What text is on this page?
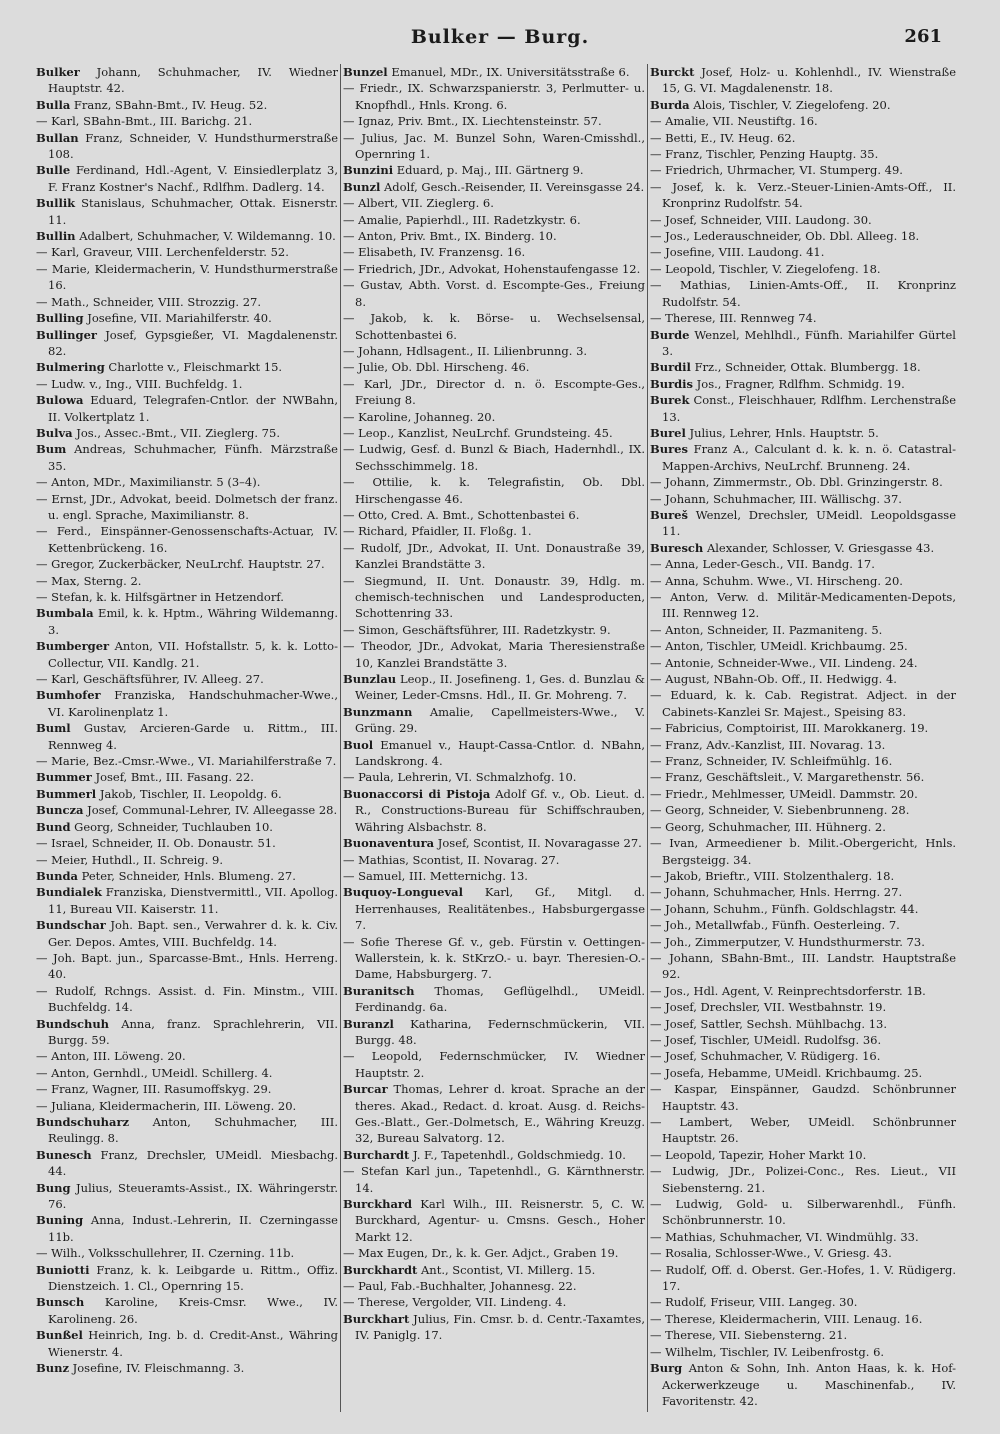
Bulker — Burg.	261

Bulker Johann, Schuhmacher, IV. Wiedner Hauptstr. 42.

Bulla Franz, SBahn-Bmt., IV. Heug. 52.

— Karl, SBahn-Bmt., III. Barichg. 21.

Bullan Franz, Schneider, V. Hundsthurmerstraße 108.

Bulle Ferdinand, Hdl.-Agent, V. Einsiedlerplatz 3, F. Franz Kostner's Nachf., Rdlfhm. Dadlerg. 14.

Bullik Stanislaus, Schuhmacher, Ottak. Eisnerstr. 11.

Bullin Adalbert, Schuhmacher, V. Wildemanng. 10.

— Karl, Graveur, VIII. Lerchenfelderstr. 52.

— Marie, Kleidermacherin, V. Hundsthurmerstraße 16.

— Math., Schneider, VIII. Strozzig. 27.

Bulling Josefine, VII. Mariahilferstr. 40.

Bullinger Josef, Gypsgießer, VI. Magdalenenstr. 82.

Bulmering Charlotte v., Fleischmarkt 15.

— Ludw. v., Ing., VIII. Buchfeldg. 1.

Bulowa Eduard, Telegrafen-Cntlor. der NWBahn, II. Volkertplatz 1.

Bulva Jos., Assec.-Bmt., VII. Zieglerg. 75.

Bum Andreas, Schuhmacher, Fünfh. Märzstraße 35.

— Anton, MDr., Maximilianstr. 5 (3–4).

— Ernst, JDr., Advokat, beeid. Dolmetsch der franz. u. engl. Sprache, Maximilianstr. 8.

— Ferd., Einspänner-Genossenschafts-Actuar, IV. Kettenbrückeng. 16.

— Gregor, Zuckerbäcker, NeuLrchf. Hauptstr. 27.

— Max, Sterng. 2.

— Stefan, k. k. Hilfsgärtner in Hetzendorf.

Bumbala Emil, k. k. Hptm., Währing Wildemanng. 3.

Bumberger Anton, VII. Hofstallstr. 5, k. k. Lotto-Collectur, VII. Kandlg. 21.

— Karl, Geschäftsführer, IV. Alleeg. 27.

Bumhofer Franziska, Handschuhmacher-Wwe., VI. Karolinenplatz 1.

Buml Gustav, Arcieren-Garde u. Rittm., III. Rennweg 4.

— Marie, Bez.-Cmsr.-Wwe., VI. Mariahilferstraße 7.

Bummer Josef, Bmt., III. Fasang. 22.

Bummerl Jakob, Tischler, II. Leopoldg. 6.

Buncza Josef, Communal-Lehrer, IV. Alleegasse 28.

Bund Georg, Schneider, Tuchlauben 10.

— Israel, Schneider, II. Ob. Donaustr. 51.

— Meier, Huthdl., II. Schreig. 9.

Bunda Peter, Schneider, Hnls. Blumeng. 27.

Bundialek Franziska, Dienstvermittl., VII. Apollog. 11, Bureau VII. Kaiserstr. 11.

Bundschar Joh. Bapt. sen., Verwahrer d. k. k. Civ. Ger. Depos. Amtes, VIII. Buchfeldg. 14.

— Joh. Bapt. jun., Sparcasse-Bmt., Hnls. Herreng. 40.

— Rudolf, Rchngs. Assist. d. Fin. Minstm., VIII. Buchfeldg. 14.

Bundschuh Anna, franz. Sprachlehrerin, VII. Burgg. 59.

— Anton, III. Löweng. 20.

— Anton, Gernhdl., UMeidl. Schillerg. 4.

— Franz, Wagner, III. Rasumoffskyg. 29.

— Juliana, Kleidermacherin, III. Löweng. 20.

Bundschuharz Anton, Schuhmacher, III. Reulingg. 8.

Bunesch Franz, Drechsler, UMeidl. Miesbachg. 44.

Bung Julius, Steueramts-Assist., IX. Währingerstr. 76.

Buning Anna, Indust.-Lehrerin, II. Czerningasse 11b.

— Wilh., Volksschullehrer, II. Czerning. 11b.

Buniotti Franz, k. k. Leibgarde u. Rittm., Offiz. Dienstzeich. 1. Cl., Opernring 15.

Bunsch Karoline, Kreis-Cmsr. Wwe., IV. Karolineng. 26.

Bunßel Heinrich, Ing. b. d. Credit-Anst., Währing Wienerstr. 4.

Bunz Josefine, IV. Fleischmanng. 3.

Bunzel Emanuel, MDr., IX. Universitätsstraße 6.

— Friedr., IX. Schwarzspanierstr. 3, Perlmutter- u. Knopfhdl., Hnls. Krong. 6.

— Ignaz, Priv. Bmt., IX. Liechtensteinstr. 57.

— Julius, Jac. M. Bunzel Sohn, Waren-Cmisshdl., Opernring 1.

Bunzini Eduard, p. Maj., III. Gärtnerg 9.

Bunzl Adolf, Gesch.-Reisender, II. Vereinsgasse 24.

— Albert, VII. Zieglerg. 6.

— Amalie, Papierhdl., III. Radetzkystr. 6.

— Anton, Priv. Bmt., IX. Binderg. 10.

— Elisabeth, IV. Franzensg. 16.

— Friedrich, JDr., Advokat, Hohenstaufengasse 12.

— Gustav, Abth. Vorst. d. Escompte-Ges., Freiung 8.

— Jakob, k. k. Börse- u. Wechselsensal, Schottenbastei 6.

— Johann, Hdlsagent., II. Lilienbrunng. 3.

— Julie, Ob. Dbl. Hirscheng. 46.

— Karl, JDr., Director d. n. ö. Escompte-Ges., Freiung 8.

— Karoline, Johanneg. 20.

— Leop., Kanzlist, NeuLrchf. Grundsteing. 45.

— Ludwig, Gesf. d. Bunzl & Biach, Hadernhdl., IX. Sechsschimmelg. 18.

— Ottilie, k. k. Telegrafistin, Ob. Dbl. Hirschengasse 46.

— Otto, Cred. A. Bmt., Schottenbastei 6.

— Richard, Pfaidler, II. Floßg. 1.

— Rudolf, JDr., Advokat, II. Unt. Donaustraße 39, Kanzlei Brandstätte 3.

— Siegmund, II. Unt. Donaustr. 39, Hdlg. m. chemisch-technischen und Landesproducten, Schottenring 33.

— Simon, Geschäftsführer, III. Radetzkystr. 9.

— Theodor, JDr., Advokat, Maria Theresienstraße 10, Kanzlei Brandstätte 3.

Bunzlau Leop., II. Josefineng. 1, Ges. d. Bunzlau & Weiner, Leder-Cmsns. Hdl., II. Gr. Mohreng. 7.

Bunzmann Amalie, Capellmeisters-Wwe., V. Grüng. 29.

Buol Emanuel v., Haupt-Cassa-Cntlor. d. NBahn, Landskrong. 4.

— Paula, Lehrerin, VI. Schmalzhofg. 10.

Buonaccorsi di Pistoja Adolf Gf. v., Ob. Lieut. d. R., Constructions-Bureau für Schiffschrauben, Währing Alsbachstr. 8.

Buonaventura Josef, Scontist, II. Novaragasse 27.

— Mathias, Scontist, II. Novarag. 27.

— Samuel, III. Metternichg. 13.

Buquoy-Longueval Karl, Gf., Mitgl. d. Herrenhauses, Realitätenbes., Habsburgergasse 7.

— Sofie Therese Gf. v., geb. Fürstin v. Oettingen-Wallerstein, k. k. StKrzO.- u. bayr. Theresien-O.-Dame, Habsburgerg. 7.

Buranitsch Thomas, Geflügelhdl., UMeidl. Ferdinandg. 6a.

Buranzl Katharina, Federnschmückerin, VII. Burgg. 48.

— Leopold, Federnschmücker, IV. Wiedner Hauptstr. 2.

Burcar Thomas, Lehrer d. kroat. Sprache an der theres. Akad., Redact. d. kroat. Ausg. d. Reichs-Ges.-Blatt., Ger.-Dolmetsch, E., Währing Kreuzg. 32, Bureau Salvatorg. 12.

Burchardt J. F., Tapetenhdl., Goldschmiedg. 10.

— Stefan Karl jun., Tapetenhdl., G. Kärnthnerstr. 14.

Burckhard Karl Wilh., III. Reisnerstr. 5, C. W. Burckhard, Agentur- u. Cmsns. Gesch., Hoher Markt 12.

— Max Eugen, Dr., k. k. Ger. Adjct., Graben 19.

Burckhardt Ant., Scontist, VI. Millerg. 15.

— Paul, Fab.-Buchhalter, Johannesg. 22.

— Therese, Vergolder, VII. Lindeng. 4.

Burckhart Julius, Fin. Cmsr. b. d. Centr.-Taxamtes, IV. Paniglg. 17.

Burckt Josef, Holz- u. Kohlenhdl., IV. Wienstraße 15, G. VI. Magdalenenstr. 18.

Burda Alois, Tischler, V. Ziegelofeng. 20.

— Amalie, VII. Neustiftg. 16.

— Betti, E., IV. Heug. 62.

— Franz, Tischler, Penzing Hauptg. 35.

— Friedrich, Uhrmacher, VI. Stumperg. 49.

— Josef, k. k. Verz.-Steuer-Linien-Amts-Off., II. Kronprinz Rudolfstr. 54.

— Josef, Schneider, VIII. Laudong. 30.

— Jos., Lederauschneider, Ob. Dbl. Alleeg. 18.

— Josefine, VIII. Laudong. 41.

— Leopold, Tischler, V. Ziegelofeng. 18.

— Mathias, Linien-Amts-Off., II. Kronprinz Rudolfstr. 54.

— Therese, III. Rennweg 74.

Burde Wenzel, Mehlhdl., Fünfh. Mariahilfer Gürtel 3.

Burdil Frz., Schneider, Ottak. Blumbergg. 18.

Burdis Jos., Fragner, Rdlfhm. Schmidg. 19.

Burek Const., Fleischhauer, Rdlfhm. Lerchenstraße 13.

Burel Julius, Lehrer, Hnls. Hauptstr. 5.

Bures Franz A., Calculant d. k. k. n. ö. Catastral-Mappen-Archivs, NeuLrchf. Brunneng. 24.

— Johann, Zimmermstr., Ob. Dbl. Grinzingerstr. 8.

— Johann, Schuhmacher, III. Wällischg. 37.

Bureš Wenzel, Drechsler, UMeidl. Leopoldsgasse 11.

Buresch Alexander, Schlosser, V. Griesgasse 43.

— Anna, Leder-Gesch., VII. Bandg. 17.

— Anna, Schuhm. Wwe., VI. Hirscheng. 20.

— Anton, Verw. d. Militär-Medicamenten-Depots, III. Rennweg 12.

— Anton, Schneider, II. Pazmaniteng. 5.

— Anton, Tischler, UMeidl. Krichbaumg. 25.

— Antonie, Schneider-Wwe., VII. Lindeng. 24.

— August, NBahn-Ob. Off., II. Hedwigg. 4.

— Eduard, k. k. Cab. Registrat. Adject. in der Cabinets-Kanzlei Sr. Majest., Speising 83.

— Fabricius, Comptoirist, III. Marokkanerg. 19.

— Franz, Adv.-Kanzlist, III. Novarag. 13.

— Franz, Schneider, IV. Schleifmühlg. 16.

— Franz, Geschäftsleit., V. Margarethenstr. 56.

— Friedr., Mehlmesser, UMeidl. Dammstr. 20.

— Georg, Schneider, V. Siebenbrunneng. 28.

— Georg, Schuhmacher, III. Hühnerg. 2.

— Ivan, Armeediener b. Milit.-Obergericht, Hnls. Bergsteigg. 34.

— Jakob, Brieftr., VIII. Stolzenthalerg. 18.

— Johann, Schuhmacher, Hnls. Herrng. 27.

— Johann, Schuhm., Fünfh. Goldschlagstr. 44.

— Joh., Metallwfab., Fünfh. Oesterleing. 7.

— Joh., Zimmerputzer, V. Hundsthurmerstr. 73.

— Johann, SBahn-Bmt., III. Landstr. Hauptstraße 92.

— Jos., Hdl. Agent, V. Reinprechtsdorferstr. 1B.

— Josef, Drechsler, VII. Westbahnstr. 19.

— Josef, Sattler, Sechsh. Mühlbachg. 13.

— Josef, Tischler, UMeidl. Rudolfsg. 36.

— Josef, Schuhmacher, V. Rüdigerg. 16.

— Josefa, Hebamme, UMeidl. Krichbaumg. 25.

— Kaspar, Einspänner, Gaudzd. Schönbrunner Hauptstr. 43.

— Lambert, Weber, UMeidl. Schönbrunner Hauptstr. 26.

— Leopold, Tapezir, Hoher Markt 10.

— Ludwig, JDr., Polizei-Conc., Res. Lieut., VII Siebensterng. 21.

— Ludwig, Gold- u. Silberwarenhdl., Fünfh. Schönbrunnerstr. 10.

— Mathias, Schuhmacher, VI. Windmühlg. 33.

— Rosalia, Schlosser-Wwe., V. Griesg. 43.

— Rudolf, Off. d. Oberst. Ger.-Hofes, 1. V. Rüdigerg. 17.

— Rudolf, Friseur, VIII. Langeg. 30.

— Therese, Kleidermacherin, VIII. Lenaug. 16.

— Therese, VII. Siebensterng. 21.

— Wilhelm, Tischler, IV. Leibenfrostg. 6.

Burg Anton & Sohn, Inh. Anton Haas, k. k. Hof-Ackerwerkzeuge u. Maschinenfab., IV. Favoritenstr. 42.
